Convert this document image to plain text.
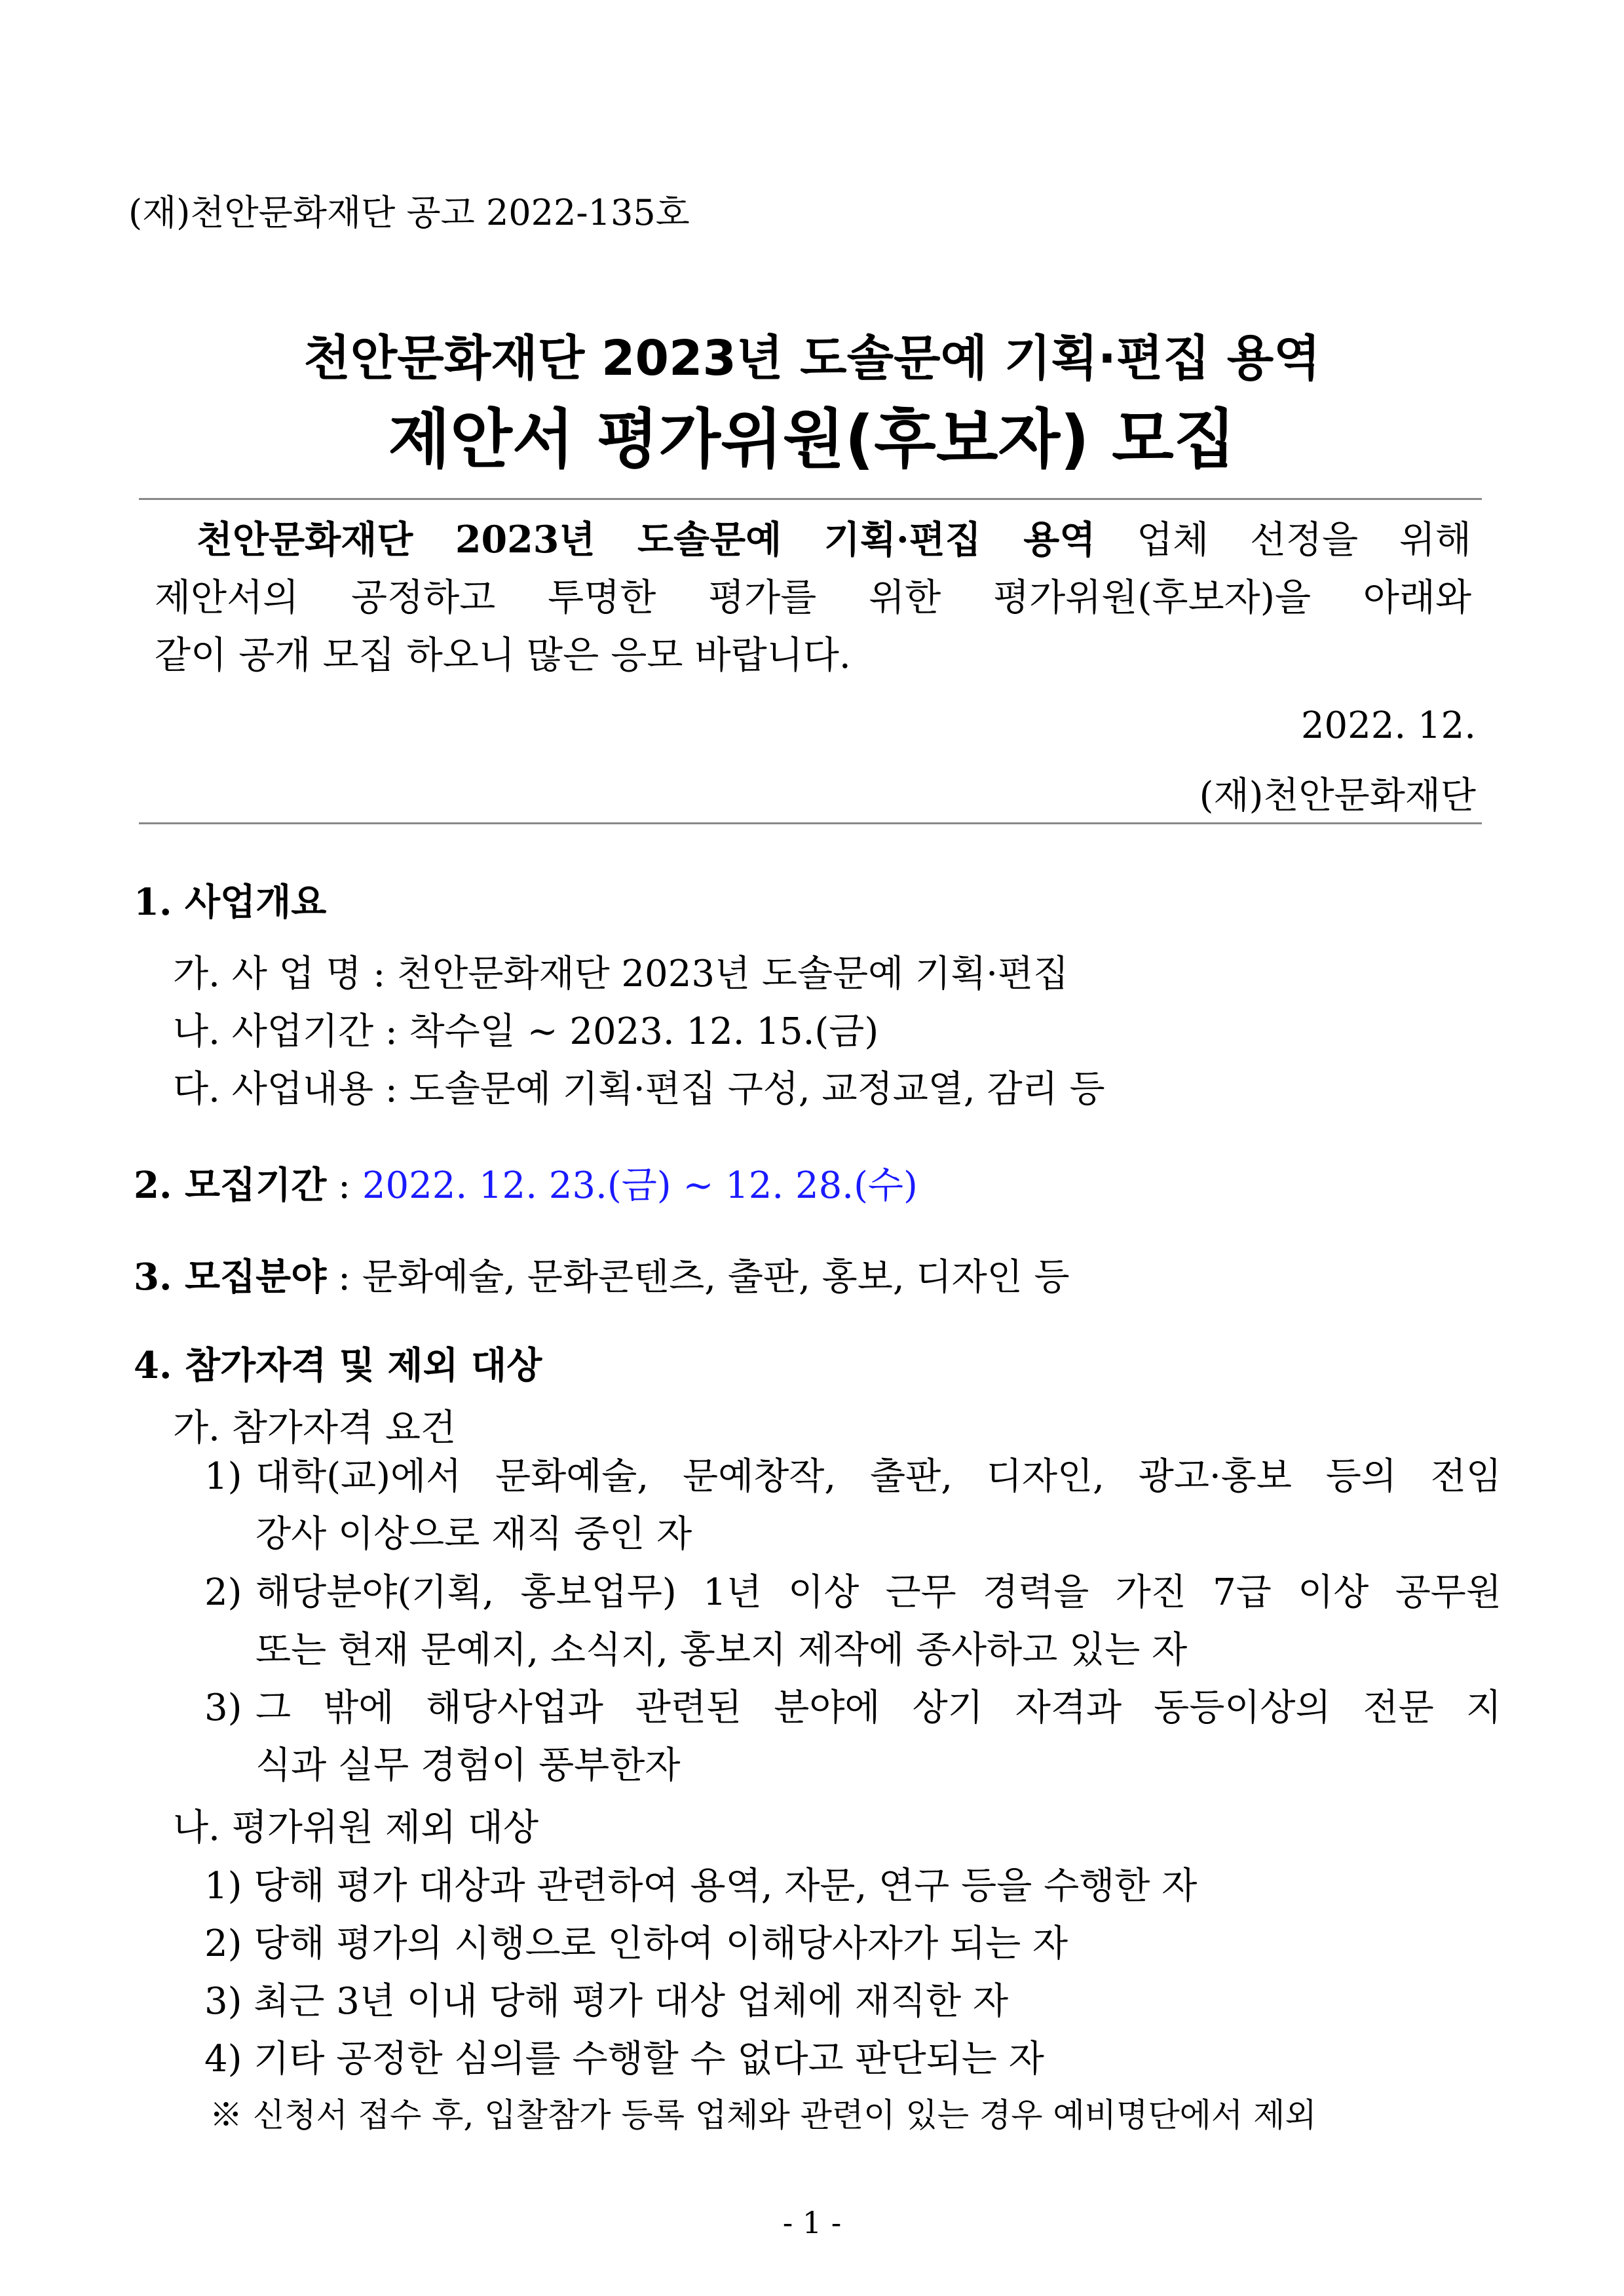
(재)천안문화재단 공고 2022-135호
천안문화재단 2023년 도솔문예 기획·편집 용역
제안서 평가위원(후보자) 모집
천안문화재단 2023년 도솔문예 기획·편집 용역 업체 선정을 위해
제안서의 공정하고 투명한 평가를 위한 평가위원(후보자)을 아래와
같이 공개 모집 하오니 많은 응모 바랍니다.
2022. 12.
(재)천안문화재단
1. 사업개요
가. 사 업 명 : 천안문화재단 2023년 도솔문예 기획·편집
나. 사업기간 : 착수일 ~ 2023. 12. 15.(금)
다. 사업내용 : 도솔문예 기획·편집 구성, 교정교열, 감리 등
2. 모집기간 : 2022. 12. 23.(금) ~ 12. 28.(수)
3. 모집분야 : 문화예술, 문화콘텐츠, 출판, 홍보, 디자인 등
4. 참가자격 및 제외 대상
가. 참가자격 요건
1) 대학(교)에서 문화예술, 문예창작, 출판, 디자인, 광고·홍보 등의 전임
강사 이상으로 재직 중인 자
2) 해당분야(기획, 홍보업무) 1년 이상 근무 경력을 가진 7급 이상 공무원
또는 현재 문예지, 소식지, 홍보지 제작에 종사하고 있는 자
3) 그 밖에 해당사업과 관련된 분야에 상기 자격과 동등이상의 전문 지
식과 실무 경험이 풍부한자
나. 평가위원 제외 대상
1) 당해 평가 대상과 관련하여 용역, 자문, 연구 등을 수행한 자
2) 당해 평가의 시행으로 인하여 이해당사자가 되는 자
3) 최근 3년 이내 당해 평가 대상 업체에 재직한 자
4) 기타 공정한 심의를 수행할 수 없다고 판단되는 자
※ 신청서 접수 후, 입찰참가 등록 업체와 관련이 있는 경우 예비명단에서 제외
- 1 -
